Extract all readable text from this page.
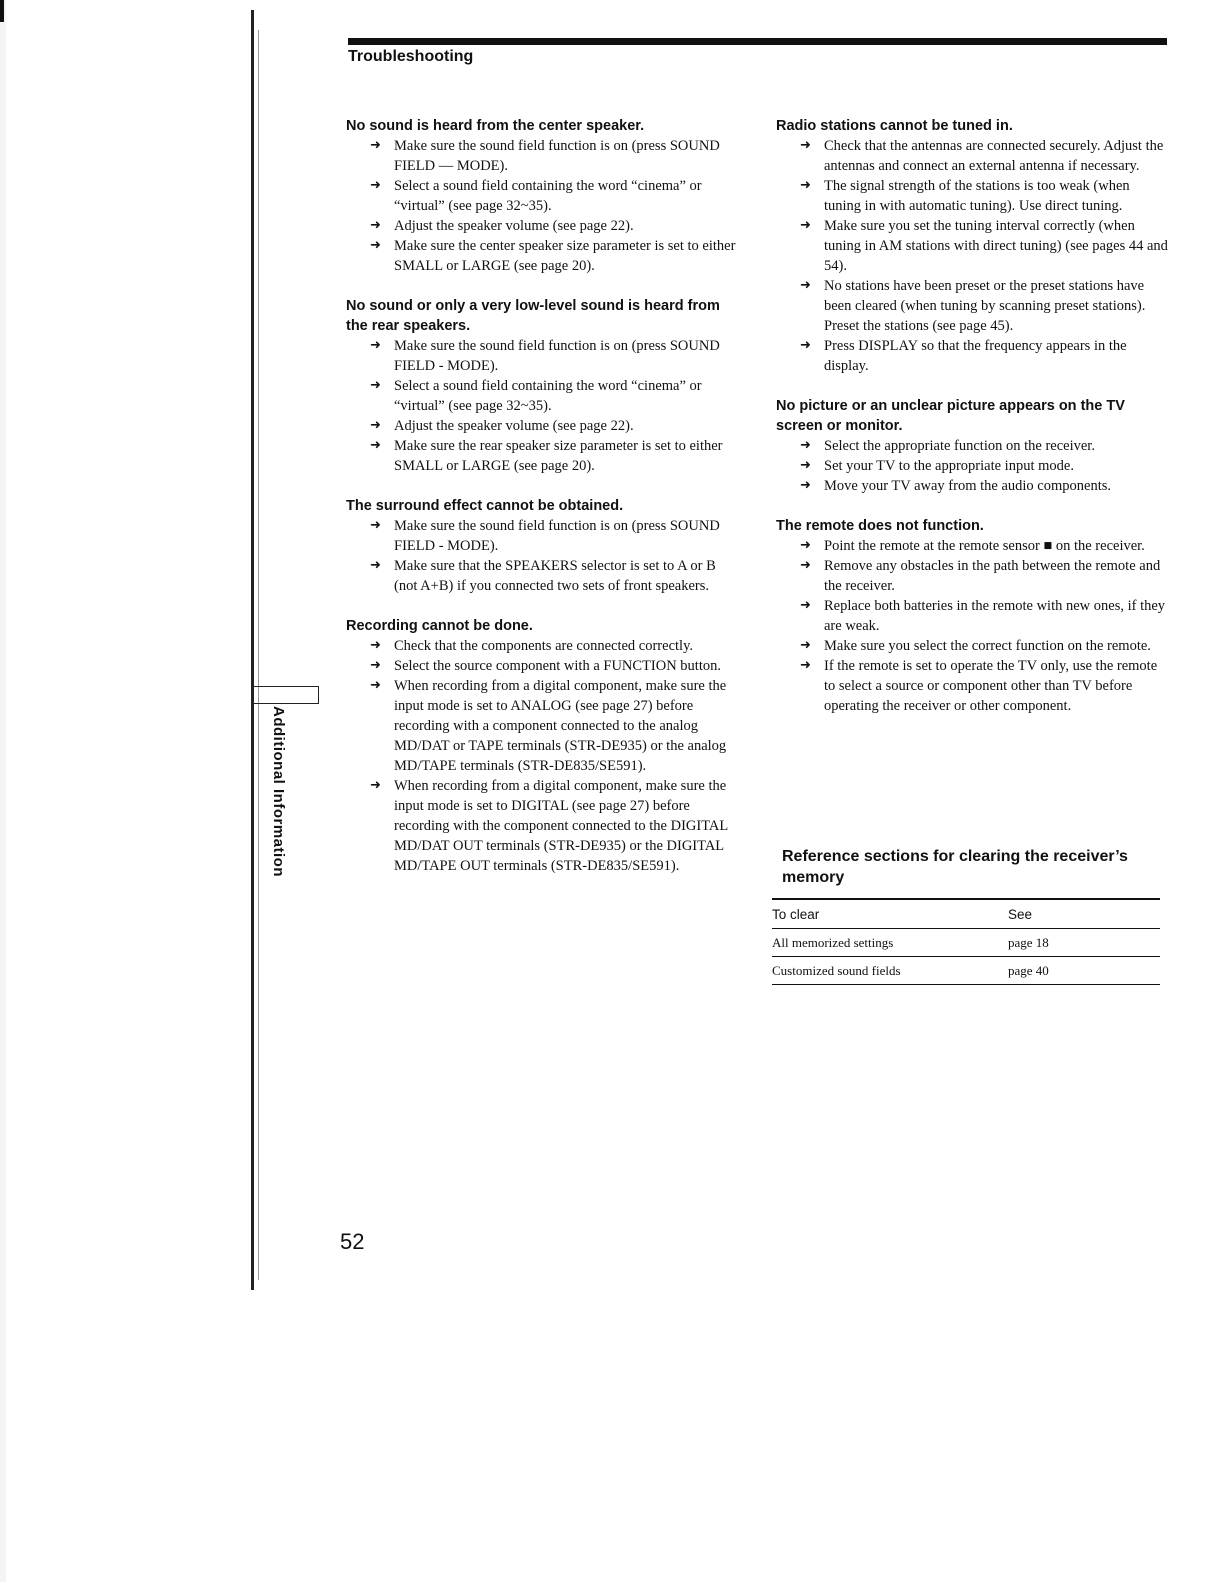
Additional Information
Troubleshooting

No sound is heard from the center speaker.

➜ Make sure the sound field function is on (press SOUND FIELD — MODE).
➜ Select a sound field containing the word “cinema” or “virtual” (see page 32~35).
➜ Adjust the speaker volume (see page 22).
➜ Make sure the center speaker size parameter is set to either SMALL or LARGE (see page 20).

No sound or only a very low-level sound is heard from the rear speakers.

➜ Make sure the sound field function is on (press SOUND FIELD - MODE).
➜ Select a sound field containing the word “cinema” or “virtual” (see page 32~35).
➜ Adjust the speaker volume (see page 22).
➜ Make sure the rear speaker size parameter is set to either SMALL or LARGE (see page 20).

The surround effect cannot be obtained.

➜ Make sure the sound field function is on (press SOUND FIELD - MODE).
➜ Make sure that the SPEAKERS selector is set to A or B (not A+B) if you connected two sets of front speakers.

Recording cannot be done.

➜ Check that the components are connected correctly.
➜ Select the source component with a FUNCTION button.
➜ When recording from a digital component, make sure the input mode is set to ANALOG (see page 27) before recording with a component connected to the analog MD/DAT or TAPE terminals (STR-DE935) or the analog MD/TAPE terminals (STR-DE835/SE591).
➜ When recording from a digital component, make sure the input mode is set to DIGITAL (see page 27) before recording with the component connected to the DIGITAL MD/DAT OUT terminals (STR-DE935) or the DIGITAL MD/TAPE OUT terminals (STR-DE835/SE591).

Radio stations cannot be tuned in.

➜ Check that the antennas are connected securely. Adjust the antennas and connect an external antenna if necessary.
➜ The signal strength of the stations is too weak (when tuning in with automatic tuning). Use direct tuning.
➜ Make sure you set the tuning interval correctly (when tuning in AM stations with direct tuning) (see pages 44 and 54).
➜ No stations have been preset or the preset stations have been cleared (when tuning by scanning preset stations). Preset the stations (see page 45).
➜ Press DISPLAY so that the frequency appears in the display.

No picture or an unclear picture appears on the TV screen or monitor.

➜ Select the appropriate function on the receiver.
➜ Set your TV to the appropriate input mode.
➜ Move your TV away from the audio components.

The remote does not function.

➜ Point the remote at the remote sensor ■ on the receiver.
➜ Remove any obstacles in the path between the remote and the receiver.
➜ Replace both batteries in the remote with new ones, if they are weak.
➜ Make sure you select the correct function on the remote.
➜ If the remote is set to operate the TV only, use the remote to select a source or component other than TV before operating the receiver or other component.
Reference sections for clearing the receiver’s memory
To clear	See
All memorized settings	page 18
Customized sound fields	page 40
52
